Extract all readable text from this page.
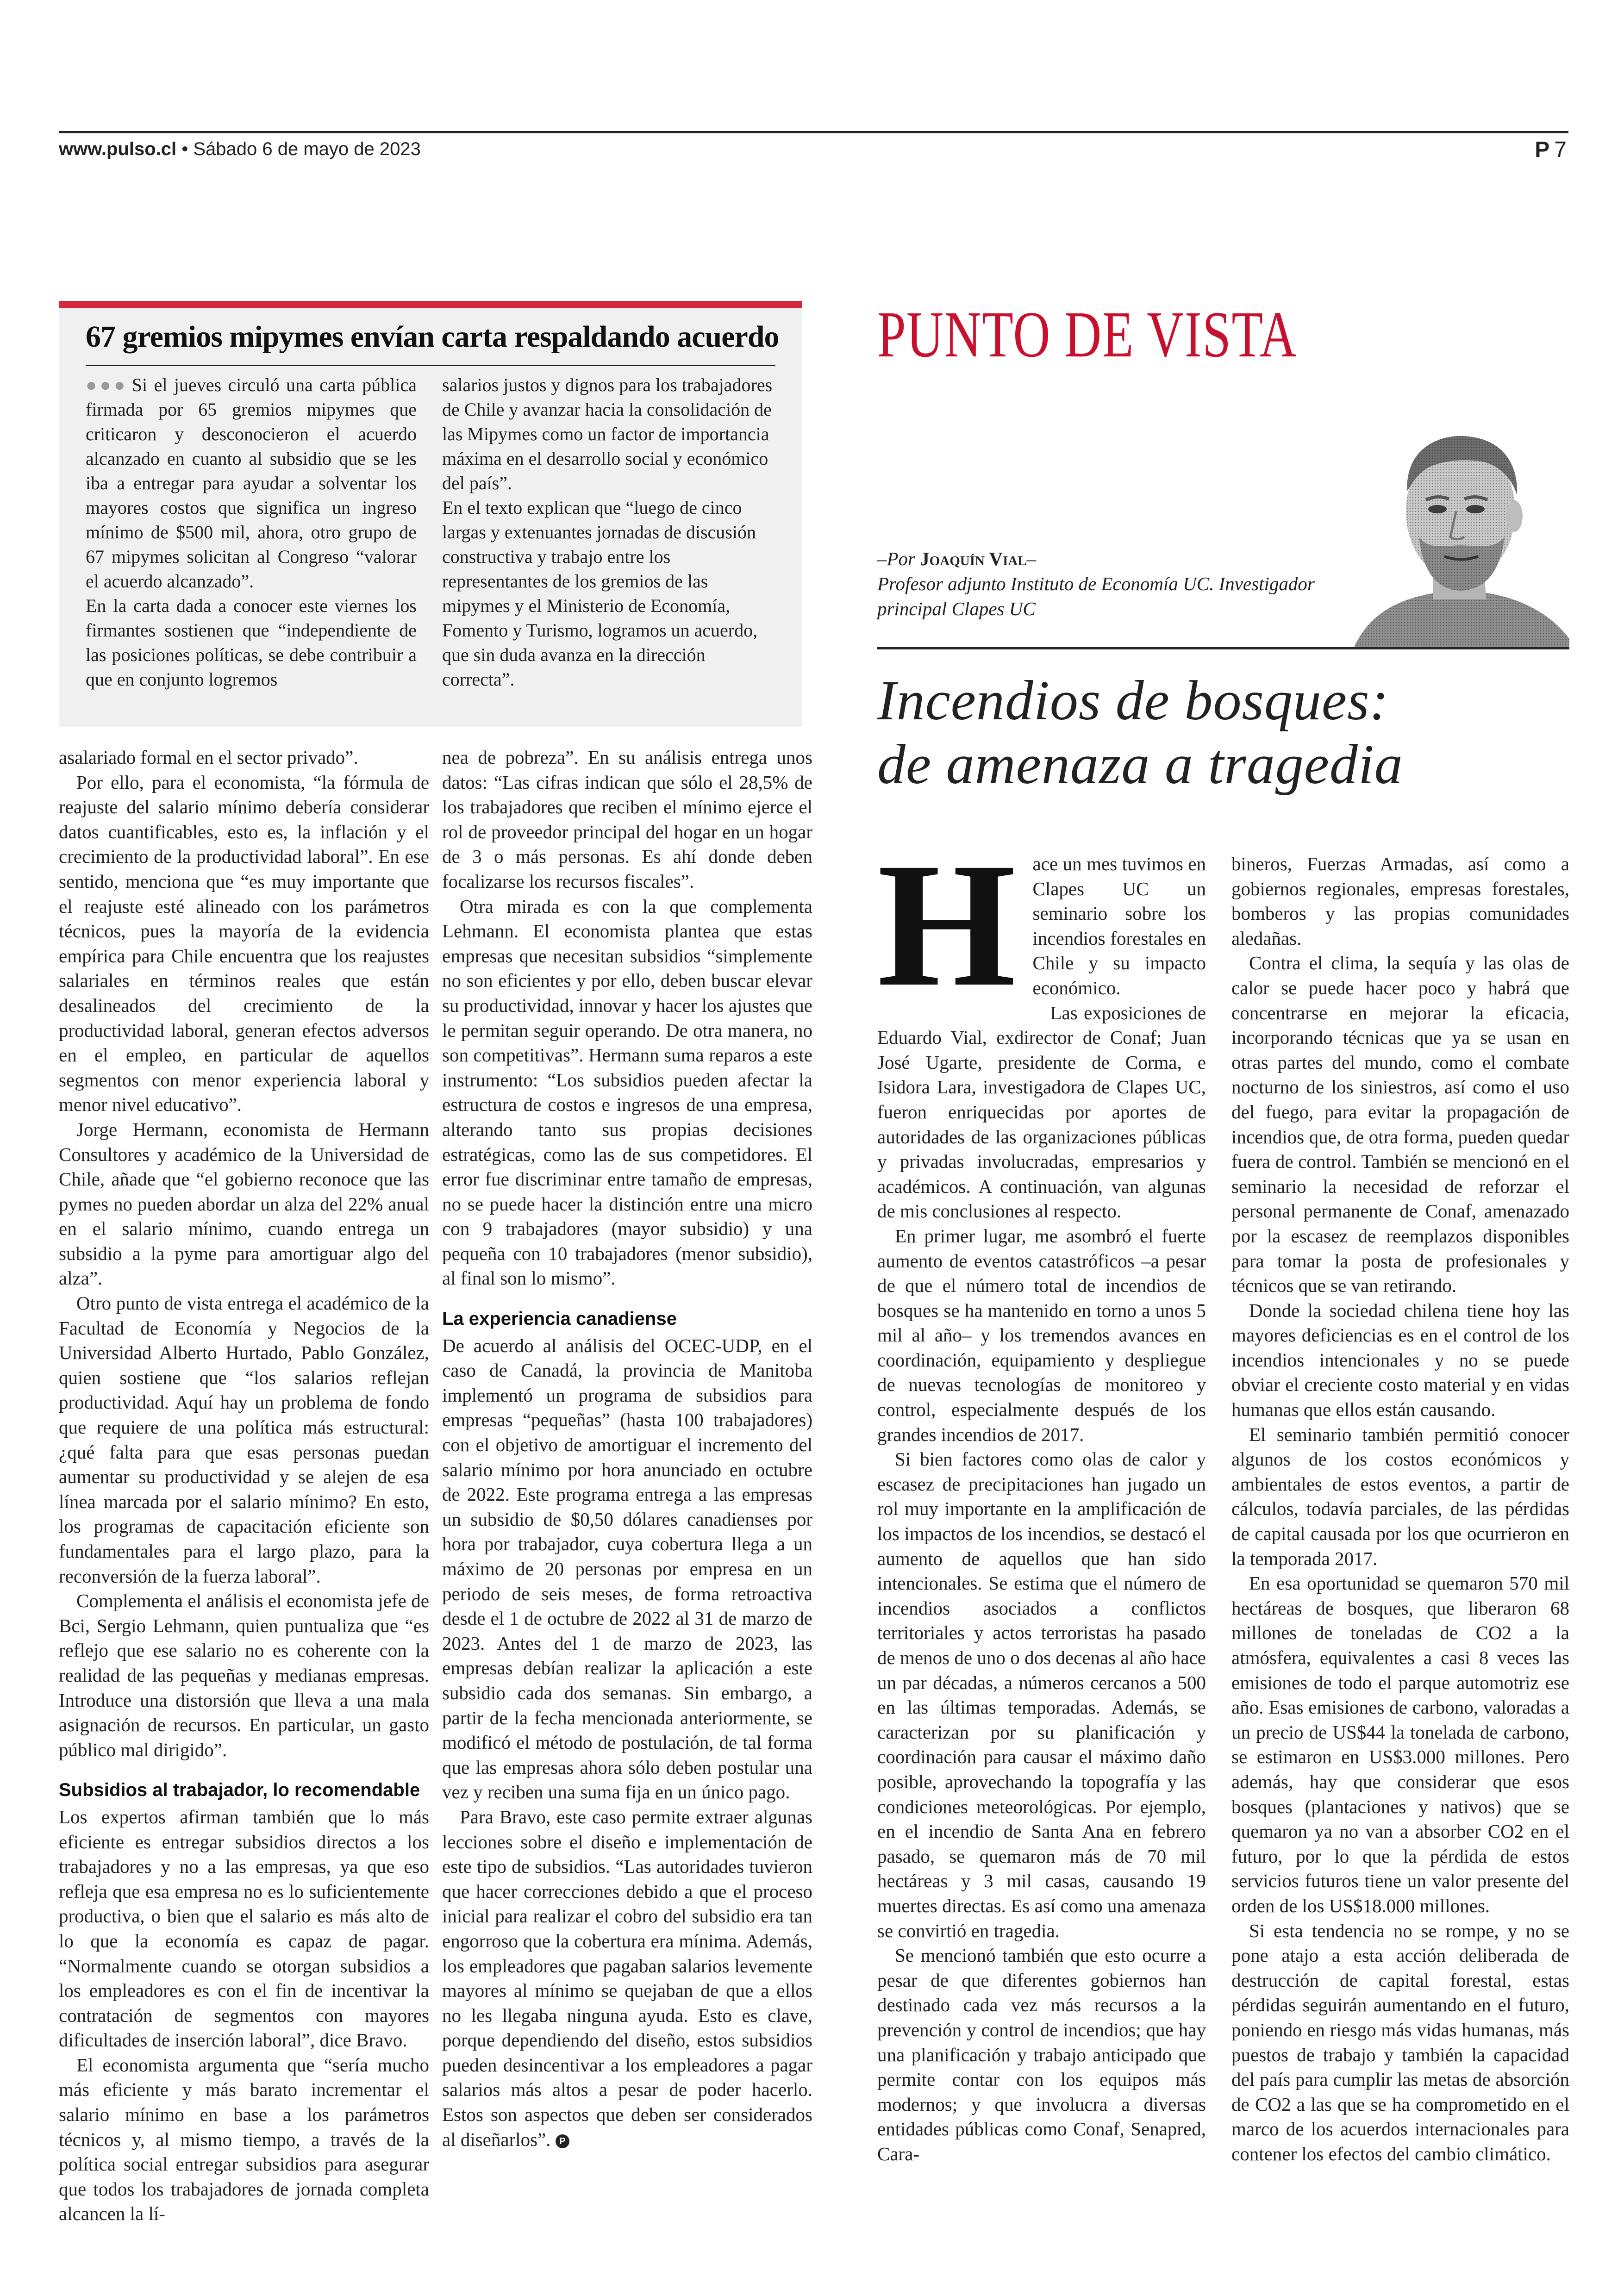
www.pulso.cl • Sábado 6 de mayo de 2023	P 7
67 gremios mipymes envían carta respaldando acuerdo

●●● Si el jueves circuló una carta pública firmada por 65 gremios mipymes que criticaron y desconocieron el acuerdo alcanzado en cuanto al subsidio que se les iba a entregar para ayudar a solventar los mayores costos que significa un ingreso mínimo de $500 mil, ahora, otro grupo de 67 mipymes solicitan al Congreso “valorar el acuerdo alcanzado”.

En la carta dada a conocer este viernes los firmantes sostienen que “independiente de las posiciones políticas, se debe contribuir a que en conjunto logremos

salarios justos y dignos para los trabajadores de Chile y avanzar hacia la consolidación de las Mipymes como un factor de importancia máxima en el desarrollo social y económico del país”.

En el texto explican que “luego de cinco largas y extenuantes jornadas de discusión constructiva y trabajo entre los representantes de los gremios de las mipymes y el Ministerio de Economía, Fomento y Turismo, logramos un acuerdo, que sin duda avanza en la dirección correcta”.

asalariado formal en el sector privado”.

Por ello, para el economista, “la fórmula de reajuste del salario mínimo debería considerar datos cuantificables, esto es, la inflación y el crecimiento de la productividad laboral”. En ese sentido, menciona que “es muy importante que el reajuste esté alineado con los parámetros técnicos, pues la mayoría de la evidencia empírica para Chile encuentra que los reajustes salariales en términos reales que están desalineados del crecimiento de la productividad laboral, generan efectos adversos en el empleo, en particular de aquellos segmentos con menor experiencia laboral y menor nivel educativo”.

Jorge Hermann, economista de Hermann Consultores y académico de la Universidad de Chile, añade que “el gobierno reconoce que las pymes no pueden abordar un alza del 22% anual en el salario mínimo, cuando entrega un subsidio a la pyme para amortiguar algo del alza”.

Otro punto de vista entrega el académico de la Facultad de Economía y Negocios de la Universidad Alberto Hurtado, Pablo González, quien sostiene que “los salarios reflejan productividad. Aquí hay un problema de fondo que requiere de una política más estructural: ¿qué falta para que esas personas puedan aumentar su productividad y se alejen de esa línea marcada por el salario mínimo? En esto, los programas de capacitación eficiente son fundamentales para el largo plazo, para la reconversión de la fuerza laboral”.

Complementa el análisis el economista jefe de Bci, Sergio Lehmann, quien puntualiza que “es reflejo que ese salario no es coherente con la realidad de las pequeñas y medianas empresas. Introduce una distorsión que lleva a una mala asignación de recursos. En particular, un gasto público mal dirigido”.

Subsidios al trabajador, lo recomendable

Los expertos afirman también que lo más eficiente es entregar subsidios directos a los trabajadores y no a las empresas, ya que eso refleja que esa empresa no es lo suficientemente productiva, o bien que el salario es más alto de lo que la economía es capaz de pagar. “Normalmente cuando se otorgan subsidios a los empleadores es con el fin de incentivar la contratación de segmentos con mayores dificultades de inserción laboral”, dice Bravo.

El economista argumenta que “sería mucho más eficiente y más barato incrementar el salario mínimo en base a los parámetros técnicos y, al mismo tiempo, a través de la política social entregar subsidios para asegurar que todos los trabajadores de jornada completa alcancen la lí-

nea de pobreza”. En su análisis entrega unos datos: “Las cifras indican que sólo el 28,5% de los trabajadores que reciben el mínimo ejerce el rol de proveedor principal del hogar en un hogar de 3 o más personas. Es ahí donde deben focalizarse los recursos fiscales”.

Otra mirada es con la que complementa Lehmann. El economista plantea que estas empresas que necesitan subsidios “simplemente no son eficientes y por ello, deben buscar elevar su productividad, innovar y hacer los ajustes que le permitan seguir operando. De otra manera, no son competitivas”. Hermann suma reparos a este instrumento: “Los subsidios pueden afectar la estructura de costos e ingresos de una empresa, alterando tanto sus propias decisiones estratégicas, como las de sus competidores. El error fue discriminar entre tamaño de empresas, no se puede hacer la distinción entre una micro con 9 trabajadores (mayor subsidio) y una pequeña con 10 trabajadores (menor subsidio), al final son lo mismo”.

La experiencia canadiense

De acuerdo al análisis del OCEC-UDP, en el caso de Canadá, la provincia de Manitoba implementó un programa de subsidios para empresas “pequeñas” (hasta 100 trabajadores) con el objetivo de amortiguar el incremento del salario mínimo por hora anunciado en octubre de 2022. Este programa entrega a las empresas un subsidio de $0,50 dólares canadienses por hora por trabajador, cuya cobertura llega a un máximo de 20 personas por empresa en un periodo de seis meses, de forma retroactiva desde el 1 de octubre de 2022 al 31 de marzo de 2023. Antes del 1 de marzo de 2023, las empresas debían realizar la aplicación a este subsidio cada dos semanas. Sin embargo, a partir de la fecha mencionada anteriormente, se modificó el método de postulación, de tal forma que las empresas ahora sólo deben postular una vez y reciben una suma fija en un único pago.

Para Bravo, este caso permite extraer algunas lecciones sobre el diseño e implementación de este tipo de subsidios. “Las autoridades tuvieron que hacer correcciones debido a que el proceso inicial para realizar el cobro del subsidio era tan engorroso que la cobertura era mínima. Además, los empleadores que pagaban salarios levemente mayores al mínimo se quejaban de que a ellos no les llegaba ninguna ayuda. Esto es clave, porque dependiendo del diseño, estos subsidios pueden desincentivar a los empleadores a pagar salarios más altos a pesar de poder hacerlo. Estos son aspectos que deben ser considerados al diseñarlos”. P

PUNTO DE VISTA
–Por Joaquín Vial–
Profesor adjunto Instituto de Economía UC. Investigador principal Clapes UC
Incendios de bosques:
de amenaza a tragedia
H ace un mes tuvimos en Clapes UC un seminario sobre los incendios forestales en Chile y su impacto económico.

Las exposiciones de Eduardo Vial, exdirector de Conaf; Juan José Ugarte, presidente de Corma, e Isidora Lara, investigadora de Clapes UC, fueron enriquecidas por aportes de autoridades de las organizaciones públicas y privadas involucradas, empresarios y académicos. A continuación, van algunas de mis conclusiones al respecto.

En primer lugar, me asombró el fuerte aumento de eventos catastróficos –a pesar de que el número total de incendios de bosques se ha mantenido en torno a unos 5 mil al año– y los tremendos avances en coordinación, equipamiento y despliegue de nuevas tecnologías de monitoreo y control, especialmente después de los grandes incendios de 2017.

Si bien factores como olas de calor y escasez de precipitaciones han jugado un rol muy importante en la amplificación de los impactos de los incendios, se destacó el aumento de aquellos que han sido intencionales. Se estima que el número de incendios asociados a conflictos territoriales y actos terroristas ha pasado de menos de uno o dos decenas al año hace un par décadas, a números cercanos a 500 en las últimas temporadas. Además, se caracterizan por su planificación y coordinación para causar el máximo daño posible, aprovechando la topografía y las condiciones meteorológicas. Por ejemplo, en el incendio de Santa Ana en febrero pasado, se quemaron más de 70 mil hectáreas y 3 mil casas, causando 19 muertes directas. Es así como una amenaza se convirtió en tragedia.

Se mencionó también que esto ocurre a pesar de que diferentes gobiernos han destinado cada vez más recursos a la prevención y control de incendios; que hay una planificación y trabajo anticipado que permite contar con los equipos más modernos; y que involucra a diversas entidades públicas como Conaf, Senapred, Cara-

bineros, Fuerzas Armadas, así como a gobiernos regionales, empresas forestales, bomberos y las propias comunidades aledañas.

Contra el clima, la sequía y las olas de calor se puede hacer poco y habrá que concentrarse en mejorar la eficacia, incorporando técnicas que ya se usan en otras partes del mundo, como el combate nocturno de los siniestros, así como el uso del fuego, para evitar la propagación de incendios que, de otra forma, pueden quedar fuera de control. También se mencionó en el seminario la necesidad de reforzar el personal permanente de Conaf, amenazado por la escasez de reemplazos disponibles para tomar la posta de profesionales y técnicos que se van retirando.

Donde la sociedad chilena tiene hoy las mayores deficiencias es en el control de los incendios intencionales y no se puede obviar el creciente costo material y en vidas humanas que ellos están causando.

El seminario también permitió conocer algunos de los costos económicos y ambientales de estos eventos, a partir de cálculos, todavía parciales, de las pérdidas de capital causada por los que ocurrieron en la temporada 2017.

En esa oportunidad se quemaron 570 mil hectáreas de bosques, que liberaron 68 millones de toneladas de CO2 a la atmósfera, equivalentes a casi 8 veces las emisiones de todo el parque automotriz ese año. Esas emisiones de carbono, valoradas a un precio de US$44 la tonelada de carbono, se estimaron en US$3.000 millones. Pero además, hay que considerar que esos bosques (plantaciones y nativos) que se quemaron ya no van a absorber CO2 en el futuro, por lo que la pérdida de estos servicios futuros tiene un valor presente del orden de los US$18.000 millones.

Si esta tendencia no se rompe, y no se pone atajo a esta acción deliberada de destrucción de capital forestal, estas pérdidas seguirán aumentando en el futuro, poniendo en riesgo más vidas humanas, más puestos de trabajo y también la capacidad del país para cumplir las metas de absorción de CO2 a las que se ha comprometido en el marco de los acuerdos internacionales para contener los efectos del cambio climático.
